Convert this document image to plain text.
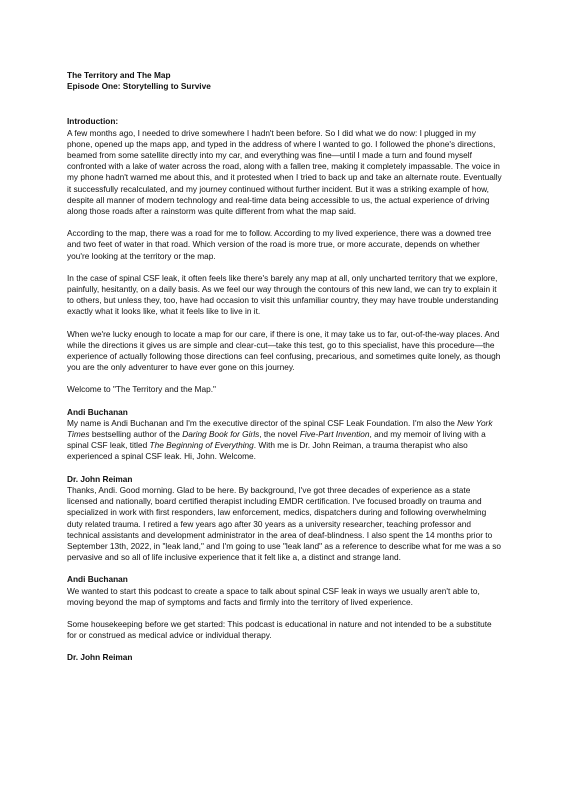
The Territory and The Map
Episode One: Storytelling to Survive
Introduction:

A few months ago, I needed to drive somewhere I hadn't been before. So I did what we do now: I plugged in my phone, opened up the maps app, and typed in the address of where I wanted to go. I followed the phone's directions, beamed from some satellite directly into my car, and everything was fine—until I made a turn and found myself confronted with a lake of water across the road, along with a fallen tree, making it completely impassable. The voice in my phone hadn't warned me about this, and it protested when I tried to back up and take an alternate route. Eventually it successfully recalculated, and my journey continued without further incident. But it was a striking example of how, despite all manner of modern technology and real-time data being accessible to us, the actual experience of driving along those roads after a rainstorm was quite different from what the map said.

According to the map, there was a road for me to follow. According to my lived experience, there was a downed tree and two feet of water in that road. Which version of the road is more true, or more accurate, depends on whether you're looking at the territory or the map.

In the case of spinal CSF leak, it often feels like there's barely any map at all, only uncharted territory that we explore, painfully, hesitantly, on a daily basis. As we feel our way through the contours of this new land, we can try to explain it to others, but unless they, too, have had occasion to visit this unfamiliar country, they may have trouble understanding exactly what it looks like, what it feels like to live in it.

When we're lucky enough to locate a map for our care, if there is one, it may take us to far, out-of-the-way places. And while the directions it gives us are simple and clear-cut—take this test, go to this specialist, have this procedure—the experience of actually following those directions can feel confusing, precarious, and sometimes quite lonely, as though you are the only adventurer to have ever gone on this journey.

Welcome to "The Territory and the Map."

Andi Buchanan

My name is Andi Buchanan and I'm the executive director of the spinal CSF Leak Foundation. I'm also the New York Times bestselling author of the Daring Book for Girls, the novel Five-Part Invention, and my memoir of living with a spinal CSF leak, titled The Beginning of Everything. With me is Dr. John Reiman, a trauma therapist who also experienced a spinal CSF leak. Hi, John. Welcome.

Dr. John Reiman

Thanks, Andi. Good morning. Glad to be here. By background, I've got three decades of experience as a state licensed and nationally, board certified therapist including EMDR certification. I've focused broadly on trauma and specialized in work with first responders, law enforcement, medics, dispatchers during and following overwhelming duty related trauma. I retired a few years ago after 30 years as a university researcher, teaching professor and technical assistants and development administrator in the area of deaf-blindness. I also spent the 14 months prior to September 13th, 2022, in "leak land," and I'm going to use "leak land" as a reference to describe what for me was a so pervasive and so all of life inclusive experience that it felt like a, a distinct and strange land.

Andi Buchanan

We wanted to start this podcast to create a space to talk about spinal CSF leak in ways we usually aren't able to, moving beyond the map of symptoms and facts and firmly into the territory of lived experience.

Some housekeeping before we get started: This podcast is educational in nature and not intended to be a substitute for or construed as medical advice or individual therapy.

Dr. John Reiman
